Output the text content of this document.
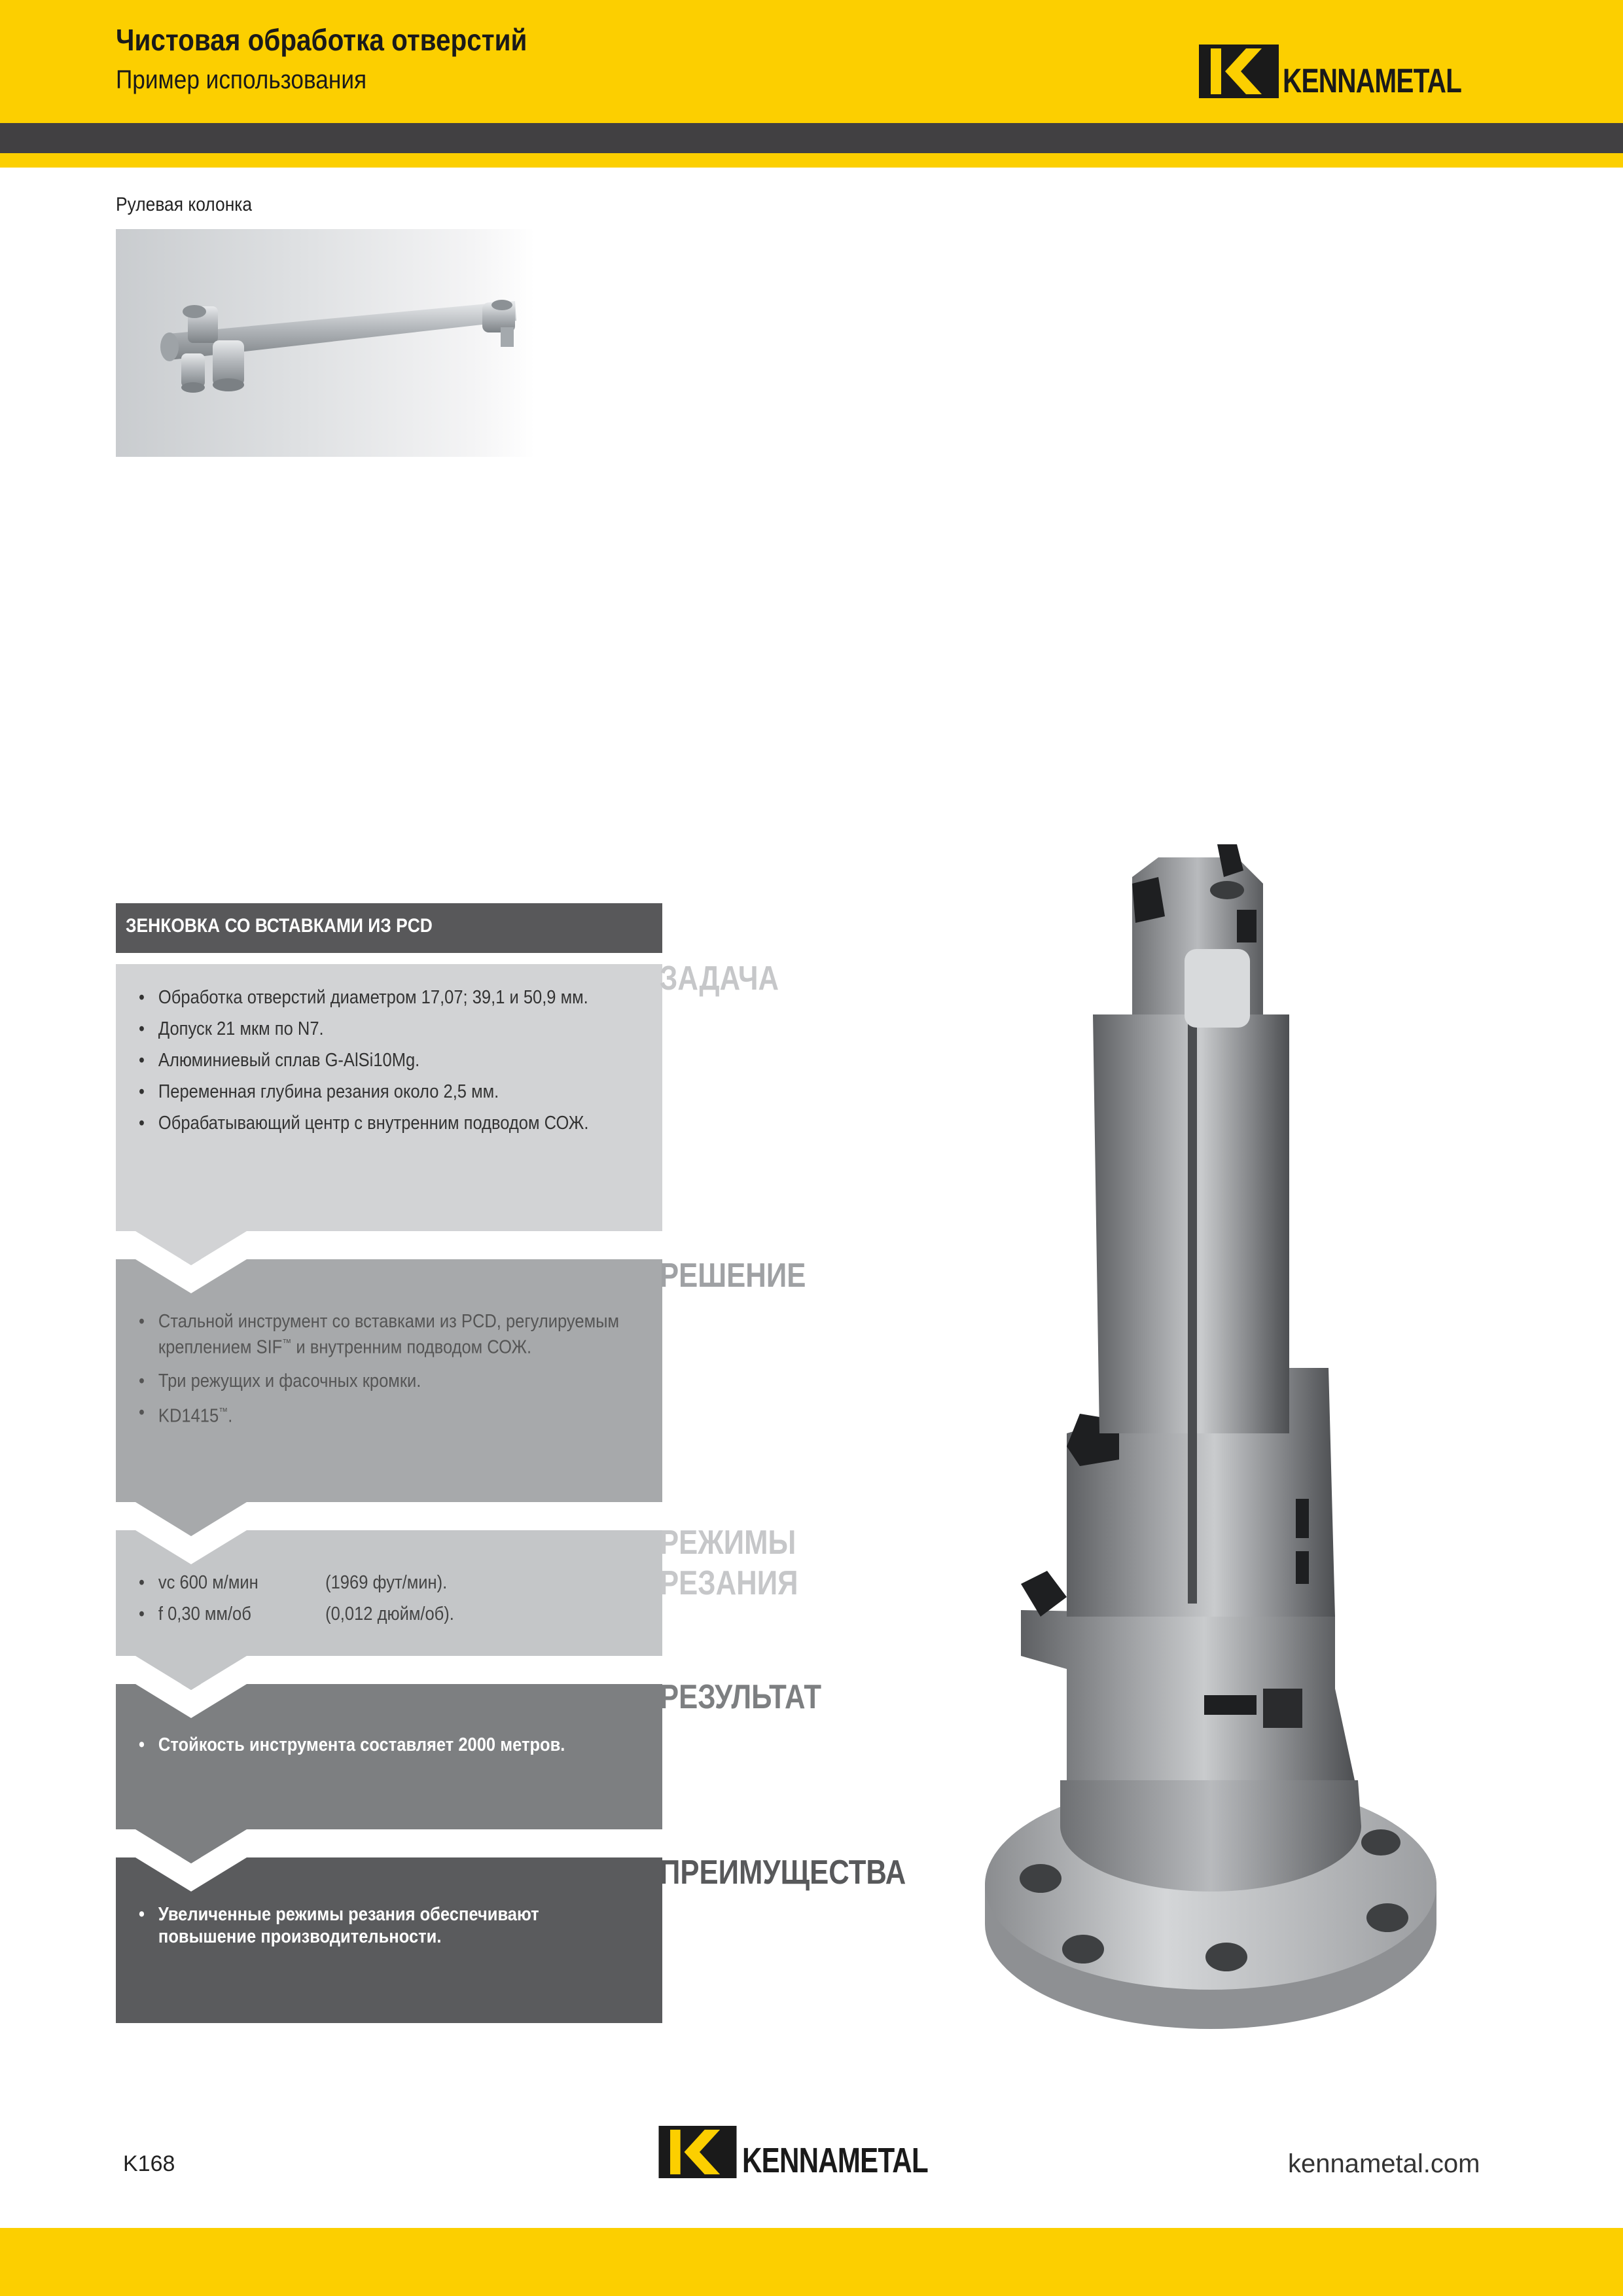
Чистовая обработка отверстий
Пример использования	KENNAMETAL
Рулевая колонка
ЗЕНКОВКА СО ВСТАВКАМИ ИЗ PCD
ЗАДАЧА
• Обработка отверстий диаметром 17,07; 39,1 и 50,9 мм.
• Допуск 21 мкм по N7.
• Алюминиевый сплав G-AlSi10Mg.
• Переменная глубина резания около 2,5 мм.
• Обрабатывающий центр с внутренним подводом СОЖ.
РЕШЕНИЕ
• Стальной инструмент со вставками из PCD, регулируемым
креплением SIF™ и внутренним подводом СОЖ.
• Три режущих и фасочных кромки.
• KD1415™.
РЕЖИМЫ
РЕЗАНИЯ
• vc 600 м/мин	(1969 фут/мин).
• f 0,30 мм/об	(0,012 дюйм/об).
РЕЗУЛЬТАТ
• Стойкость инструмента составляет 2000 метров.
ПРЕИМУЩЕСТВА
• Увеличенные режимы резания обеспечивают
повышение производительности.
K168	KENNAMETAL	kennametal.com
